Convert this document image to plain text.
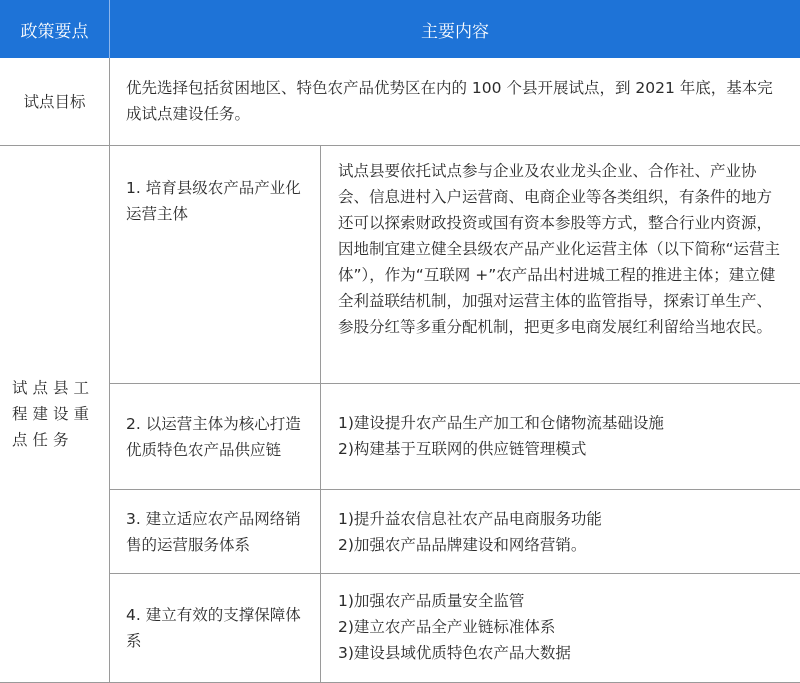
政策要点	主要内容
试点目标
优先选择包括贫困地区、特色农产品优势区在内的 100 个县开展试点，到 2021 年底，基本完成试点建设任务。
试点县工程建设重点任务
1. 培育县级农产品产业化运营主体
试点县要依托试点参与企业及农业龙头企业、合作社、产业协会、信息进村入户运营商、电商企业等各类组织，有条件的地方还可以探索财政投资或国有资本参股等方式，整合行业内资源，因地制宜建立健全县级农产品产业化运营主体（以下简称“运营主体”），作为“互联网 +”农产品出村进城工程的推进主体；建立健全利益联结机制，加强对运营主体的监管指导，探索订单生产、参股分红等多重分配机制，把更多电商发展红利留给当地农民。
2. 以运营主体为核心打造优质特色农产品供应链

1)建设提升农产品生产加工和仓储物流基础设施

2)构建基于互联网的供应链管理模式

3. 建立适应农产品网络销售的运营服务体系

1)提升益农信息社农产品电商服务功能

2)加强农产品品牌建设和网络营销。

4. 建立有效的支撑保障体系

1)加强农产品质量安全监管

2)建立农产品全产业链标准体系

3)建设县域优质特色农产品大数据
